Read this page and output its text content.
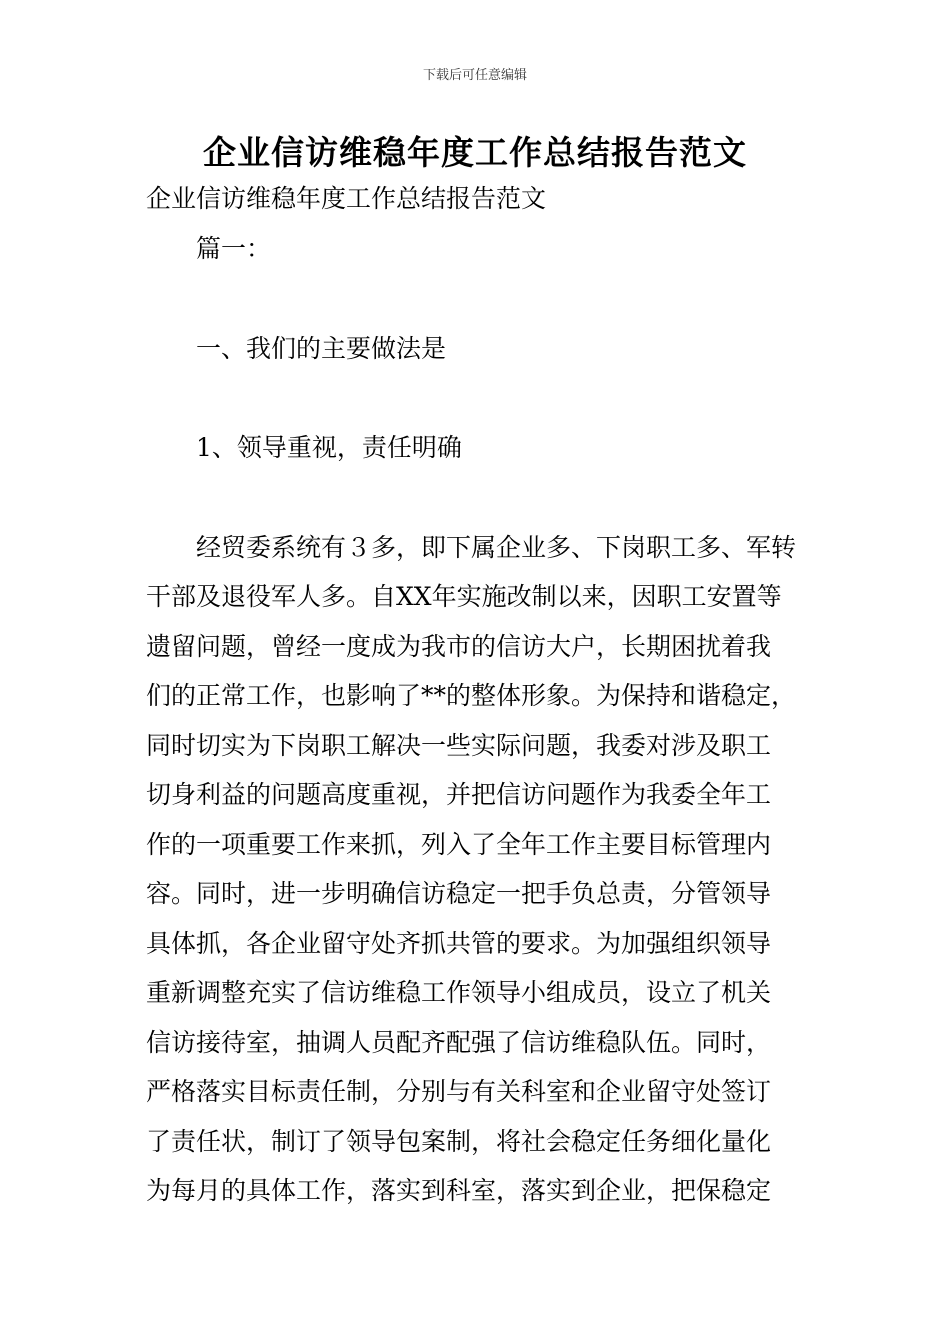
下载后可任意编辑
企业信访维稳年度工作总结报告范文
企业信访维稳年度工作总结报告范文
篇一：
一、我们的主要做法是
1、领导重视，责任明确
经贸委系统有３多，即下属企业多、下岗职工多、军转
干部及退役军人多。自XX年实施改制以来，因职工安置等
遗留问题，曾经一度成为我市的信访大户，长期困扰着我
们的正常工作，也影响了**的整体形象。为保持和谐稳定，
同时切实为下岗职工解决一些实际问题，我委对涉及职工
切身利益的问题高度重视，并把信访问题作为我委全年工
作的一项重要工作来抓，列入了全年工作主要目标管理内
容。同时，进一步明确信访稳定一把手负总责，分管领导
具体抓，各企业留守处齐抓共管的要求。为加强组织领导
重新调整充实了信访维稳工作领导小组成员，设立了机关
信访接待室，抽调人员配齐配强了信访维稳队伍。同时，
严格落实目标责任制，分别与有关科室和企业留守处签订
了责任状，制订了领导包案制，将社会稳定任务细化量化
为每月的具体工作，落实到科室，落实到企业，把保稳定
